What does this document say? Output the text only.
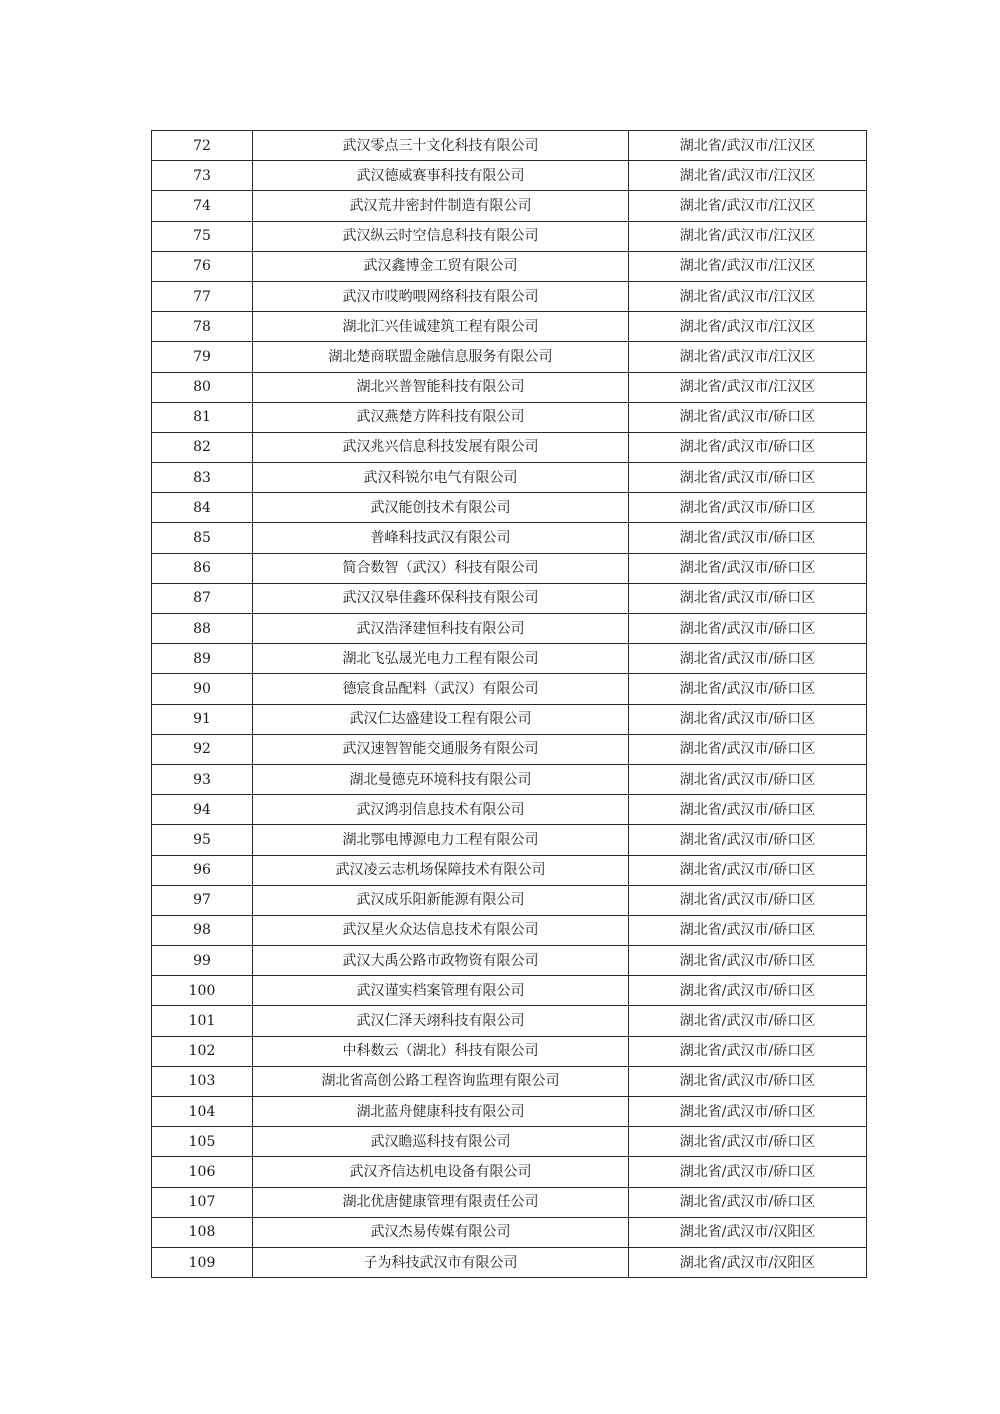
72	武汉零点三十文化科技有限公司	湖北省/武汉市/江汉区
73	武汉德威赛事科技有限公司	湖北省/武汉市/江汉区
74	武汉荒井密封件制造有限公司	湖北省/武汉市/江汉区
75	武汉纵云时空信息科技有限公司	湖北省/武汉市/江汉区
76	武汉鑫博金工贸有限公司	湖北省/武汉市/江汉区
77	武汉市哎哟喂网络科技有限公司	湖北省/武汉市/江汉区
78	湖北汇兴佳诚建筑工程有限公司	湖北省/武汉市/江汉区
79	湖北楚商联盟金融信息服务有限公司	湖北省/武汉市/江汉区
80	湖北兴普智能科技有限公司	湖北省/武汉市/江汉区
81	武汉燕楚方阵科技有限公司	湖北省/武汉市/硚口区
82	武汉兆兴信息科技发展有限公司	湖北省/武汉市/硚口区
83	武汉科锐尔电气有限公司	湖北省/武汉市/硚口区
84	武汉能创技术有限公司	湖北省/武汉市/硚口区
85	普峰科技武汉有限公司	湖北省/武汉市/硚口区
86	简合数智（武汉）科技有限公司	湖北省/武汉市/硚口区
87	武汉汉皋佳鑫环保科技有限公司	湖北省/武汉市/硚口区
88	武汉浩泽建恒科技有限公司	湖北省/武汉市/硚口区
89	湖北飞弘晟光电力工程有限公司	湖北省/武汉市/硚口区
90	德宸食品配料（武汉）有限公司	湖北省/武汉市/硚口区
91	武汉仁达盛建设工程有限公司	湖北省/武汉市/硚口区
92	武汉速智智能交通服务有限公司	湖北省/武汉市/硚口区
93	湖北曼德克环境科技有限公司	湖北省/武汉市/硚口区
94	武汉鸿羽信息技术有限公司	湖北省/武汉市/硚口区
95	湖北鄂电博源电力工程有限公司	湖北省/武汉市/硚口区
96	武汉凌云志机场保障技术有限公司	湖北省/武汉市/硚口区
97	武汉成乐阳新能源有限公司	湖北省/武汉市/硚口区
98	武汉星火众达信息技术有限公司	湖北省/武汉市/硚口区
99	武汉大禹公路市政物资有限公司	湖北省/武汉市/硚口区
100	武汉谨实档案管理有限公司	湖北省/武汉市/硚口区
101	武汉仁泽天翊科技有限公司	湖北省/武汉市/硚口区
102	中科数云（湖北）科技有限公司	湖北省/武汉市/硚口区
103	湖北省高创公路工程咨询监理有限公司	湖北省/武汉市/硚口区
104	湖北蓝舟健康科技有限公司	湖北省/武汉市/硚口区
105	武汉瞻巡科技有限公司	湖北省/武汉市/硚口区
106	武汉齐信达机电设备有限公司	湖北省/武汉市/硚口区
107	湖北优唐健康管理有限责任公司	湖北省/武汉市/硚口区
108	武汉杰易传媒有限公司	湖北省/武汉市/汉阳区
109	子为科技武汉市有限公司	湖北省/武汉市/汉阳区
